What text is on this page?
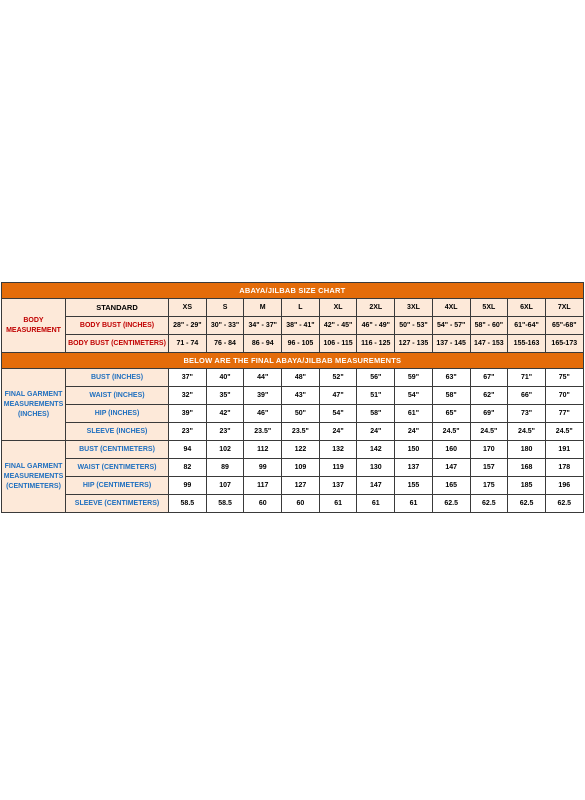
ABAYA/JILBAB SIZE CHART												
BODY MEASUREMENT	STANDARD	XS	S	M	L	XL	2XL	3XL	4XL	5XL	6XL	7XL
	BODY BUST (INCHES)	28" - 29"	30" - 33"	34" - 37"	38" - 41"	42" - 45"	46" - 49"	50" - 53"	54" - 57"	58" - 60"	61"-64"	65"-68"
	BODY BUST (CENTIMETERS)	71 - 74	76 - 84	86 - 94	96 - 105	106 - 115	116 - 125	127 - 135	137 - 145	147 - 153	155-163	165-173
BELOW ARE THE FINAL ABAYA/JILBAB MEASUREMENTS												
FINAL GARMENT MEASUREMENTS (INCHES)	BUST (INCHES)	37"	40"	44"	48"	52"	56"	59"	63"	67"	71"	75"
	WAIST (INCHES)	32"	35"	39"	43"	47"	51"	54"	58"	62"	66"	70"
	HIP (INCHES)	39"	42"	46"	50"	54"	58"	61"	65"	69"	73"	77"
	SLEEVE (INCHES)	23"	23"	23.5"	23.5"	24"	24"	24"	24.5"	24.5"	24.5"	24.5"
FINAL GARMENT MEASUREMENTS (CENTIMETERS)	BUST (CENTIMETERS)	94	102	112	122	132	142	150	160	170	180	191
	WAIST (CENTIMETERS)	82	89	99	109	119	130	137	147	157	168	178
	HIP (CENTIMETERS)	99	107	117	127	137	147	155	165	175	185	196
	SLEEVE (CENTIMETERS)	58.5	58.5	60	60	61	61	61	62.5	62.5	62.5	62.5
